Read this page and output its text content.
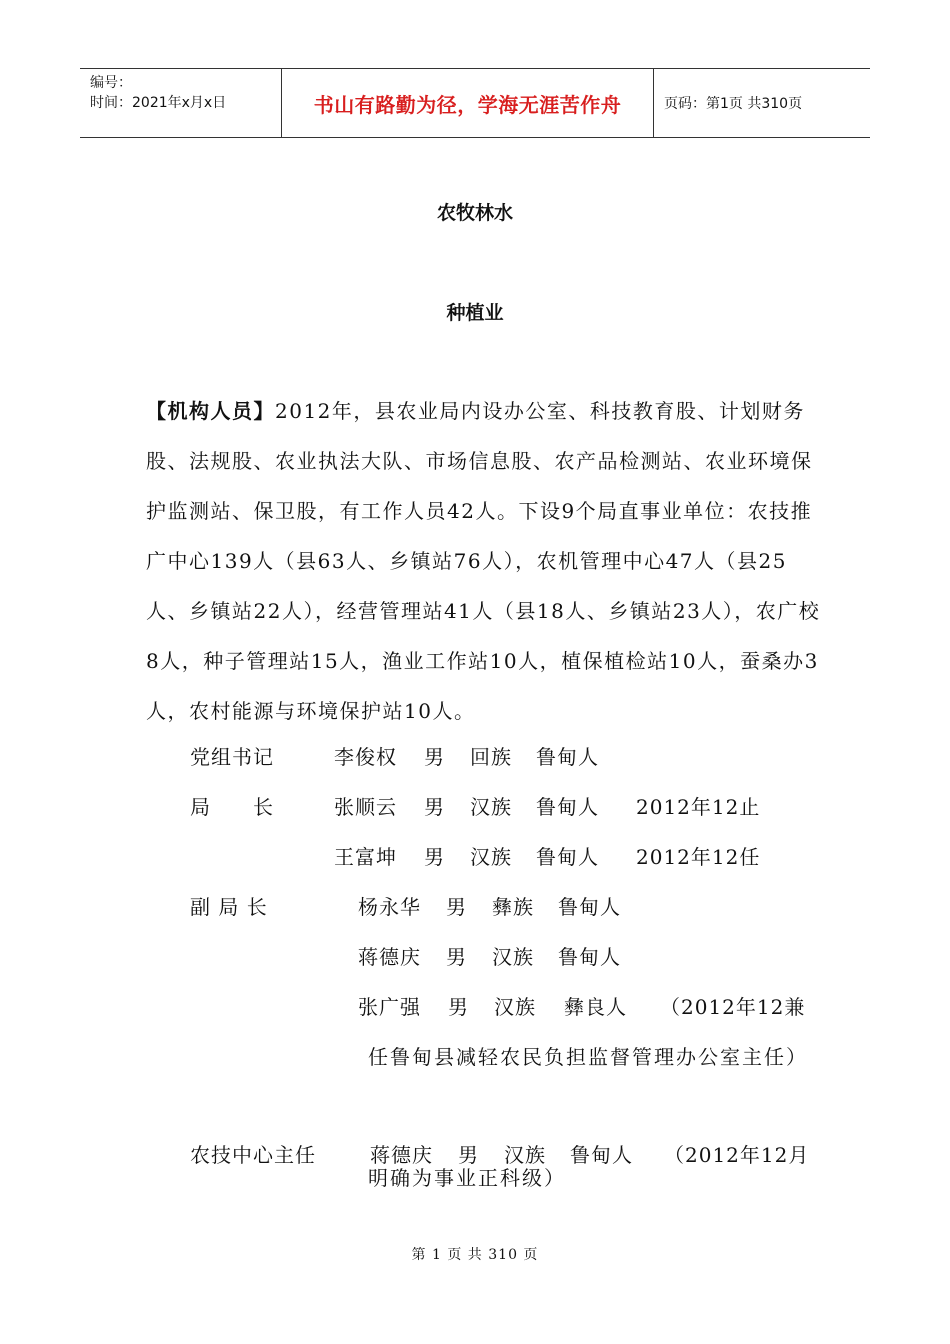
编号：
时间：2021年x月x日	书山有路勤为径，学海无涯苦作舟	页码：第1页 共310页
农牧林水
种植业
【机构人员】2012年，县农业局内设办公室、科技教育股、计划财务股、法规股、农业执法大队、市场信息股、农产品检测站、农业环境保护监测站、保卫股，有工作人员42人。下设9个局直事业单位：农技推广中心139人（县63人、乡镇站76人），农机管理中心47人（县25人、乡镇站22人），经营管理站41人（县18人、乡镇站23人），农广校8人，种子管理站15人，渔业工作站10人，植保植检站10人，蚕桑办3人，农村能源与环境保护站10人。
党组书记	李俊权 男 回族 鲁甸人
局　　长	张顺云 男 汉族 鲁甸人 2012年12止
王富坤 男 汉族 鲁甸人 2012年12任
副 局 长	杨永华 男 彝族 鲁甸人
蒋德庆 男 汉族 鲁甸人
张广强 男 汉族 彝良人 （2012年12兼
任鲁甸县减轻农民负担监督管理办公室主任）
农技中心主任	蒋德庆 男 汉族 鲁甸人 （2012年12月
明确为事业正科级）
第 1 页 共 310 页
